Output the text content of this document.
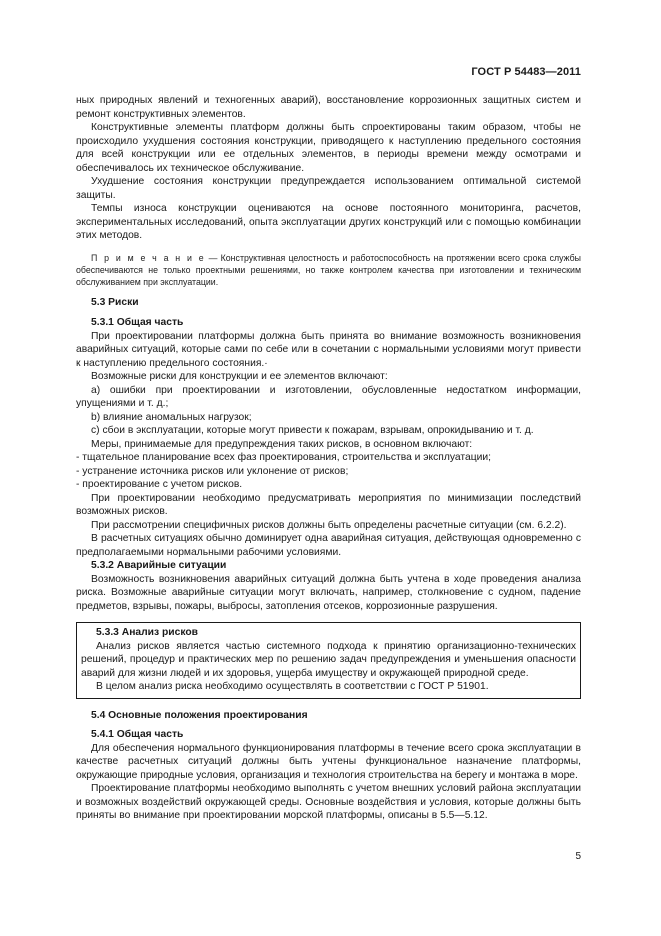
ГОСТ Р 54483—2011

ных природных явлений и техногенных аварий), восстановление коррозионных защитных систем и ремонт конструктивных элементов.

Конструктивные элементы платформ должны быть спроектированы таким образом, чтобы не происходило ухудшения состояния конструкции, приводящего к наступлению предельного состояния для всей конструкции или ее отдельных элементов, в периоды времени между осмотрами и обеспечивалось их техническое обслуживание.

Ухудшение состояния конструкции предупреждается использованием оптимальной системой защиты.

Темпы износа конструкции оцениваются на основе постоянного мониторинга, расчетов, экспериментальных исследований, опыта эксплуатации других конструкций или с помощью комбинации этих методов.

П р и м е ч а н и е — Конструктивная целостность и работоспособность на протяжении всего срока службы обеспечиваются не только проектными решениями, но также контролем качества при изготовлении и техническим обслуживанием при эксплуатации.

5.3 Риски

5.3.1 Общая часть

При проектировании платформы должна быть принята во внимание возможность возникновения аварийных ситуаций, которые сами по себе или в сочетании с нормальными условиями могут привести к наступлению предельного состояния.·

Возможные риски для конструкции и ее элементов включают:

a) ошибки при проектировании и изготовлении, обусловленные недостатком информации, упущениями и т. д.;

b) влияние аномальных нагрузок;

c) сбои в эксплуатации, которые могут привести к пожарам, взрывам, опрокидыванию и т. д.

Меры, принимаемые для предупреждения таких рисков, в основном включают:

- тщательное планирование всех фаз проектирования, строительства и эксплуатации;

- устранение источника рисков или уклонение от рисков;

- проектирование с учетом рисков.

При проектировании необходимо предусматривать мероприятия по минимизации последствий возможных рисков.

При рассмотрении специфичных рисков должны быть определены расчетные ситуации (см. 6.2.2).

В расчетных ситуациях обычно доминирует одна аварийная ситуация, действующая одновременно с предполагаемыми нормальными рабочими условиями.

5.3.2 Аварийные ситуации

Возможность возникновения аварийных ситуаций должна быть учтена в ходе проведения анализа риска. Возможные аварийные ситуации могут включать, например, столкновение с судном, падение предметов, взрывы, пожары, выбросы, затопления отсеков, коррозионные разрушения.

5.3.3 Анализ рисков

Анализ рисков является частью системного подхода к принятию организационно-технических решений, процедур и практических мер по решению задач предупреждения и уменьшения опасности аварий для жизни людей и их здоровья, ущерба имуществу и окружающей природной среде.

В целом анализ риска необходимо осуществлять в соответствии с ГОСТ Р 51901.

5.4 Основные положения проектирования

5.4.1 Общая часть

Для обеспечения нормального функционирования платформы в течение всего срока эксплуатации в качестве расчетных ситуаций должны быть учтены функциональное назначение платформы, окружающие природные условия, организация и технология строительства на берегу и монтажа в море.

Проектирование платформы необходимо выполнять с учетом внешних условий района эксплуатации и возможных воздействий окружающей среды. Основные воздействия и условия, которые должны быть приняты во внимание при проектировании морской платформы, описаны в 5.5—5.12.

5
